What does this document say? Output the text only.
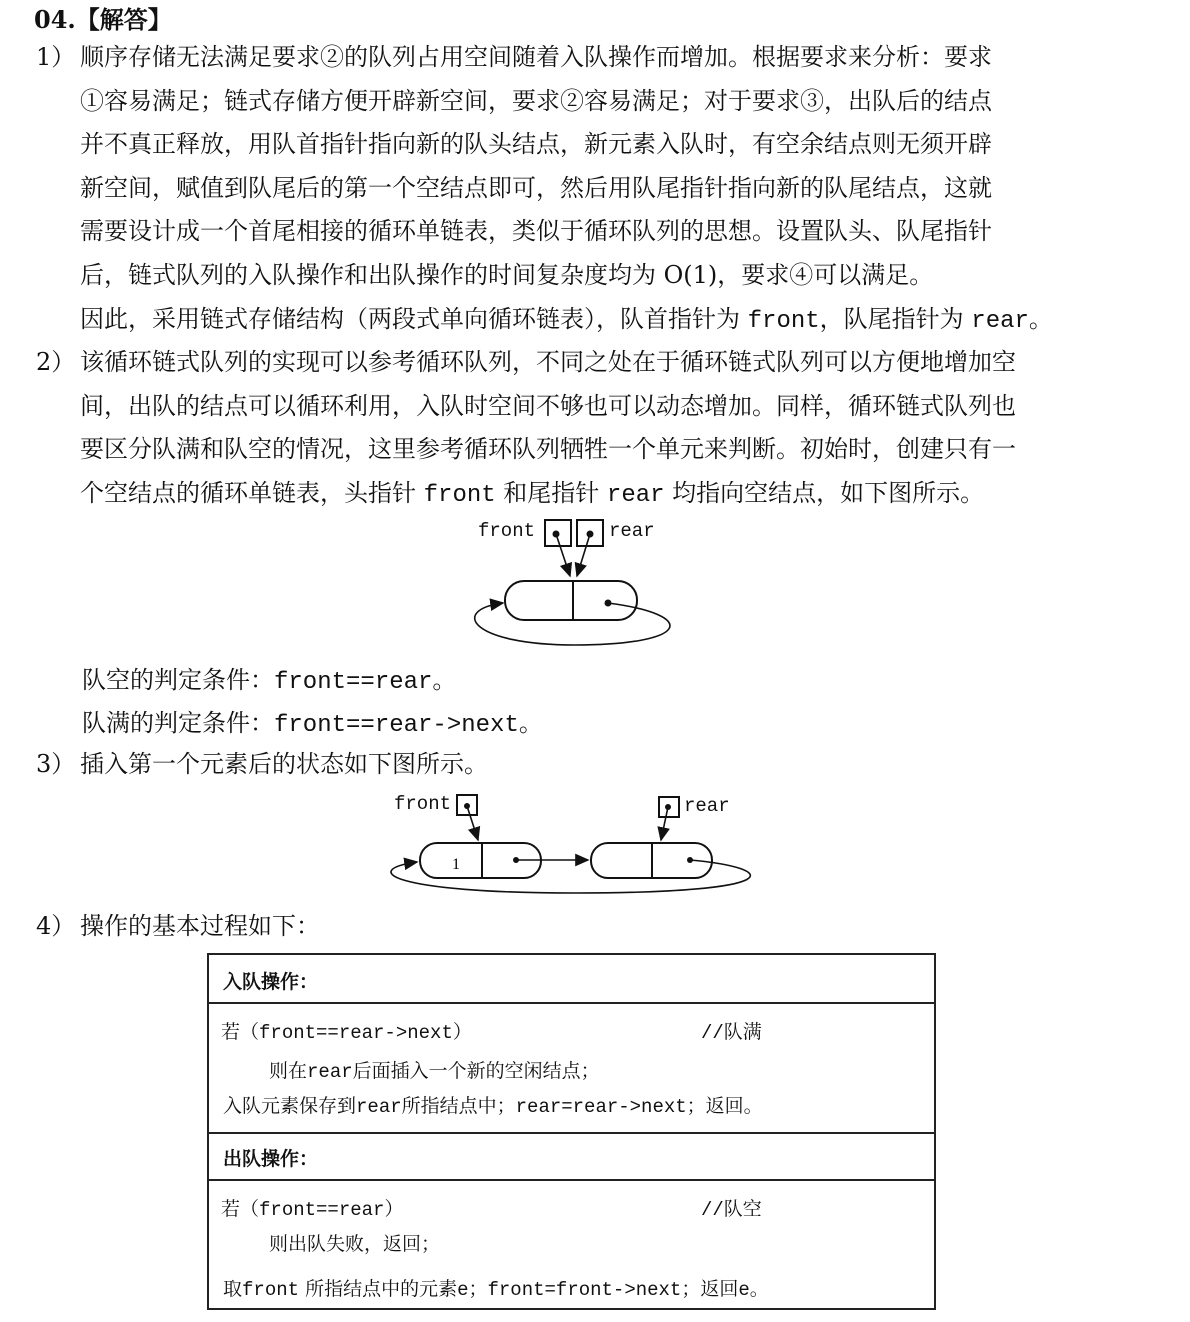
04.【解答】
1） 顺序存储无法满足要求②的队列占用空间随着入队操作而增加。根据要求来分析：要求
①容易满足；链式存储方便开辟新空间，要求②容易满足；对于要求③，出队后的结点
并不真正释放，用队首指针指向新的队头结点，新元素入队时，有空余结点则无须开辟
新空间，赋值到队尾后的第一个空结点即可，然后用队尾指针指向新的队尾结点，这就
需要设计成一个首尾相接的循环单链表，类似于循环队列的思想。设置队头、队尾指针
后，链式队列的入队操作和出队操作的时间复杂度均为 O(1)，要求④可以满足。
因此，采用链式存储结构（两段式单向循环链表），队首指针为 front，队尾指针为 rear。
2） 该循环链式队列的实现可以参考循环队列，不同之处在于循环链式队列可以方便地增加空
间，出队的结点可以循环利用，入队时空间不够也可以动态增加。同样，循环链式队列也
要区分队满和队空的情况，这里参考循环队列牺牲一个单元来判断。初始时，创建只有一
个空结点的循环单链表，头指针 front 和尾指针 rear 均指向空结点，如下图所示。
front	rear
front	rear
1
队空的判定条件：front==rear。
队满的判定条件：front==rear->next。
3） 插入第一个元素后的状态如下图所示。
4） 操作的基本过程如下：
入队操作：
若（front==rear->next）	//队满
则在rear后面插入一个新的空闲结点；
入队元素保存到rear所指结点中；rear=rear->next；返回。
出队操作：
若（front==rear）	//队空
则出队失败，返回；
取front 所指结点中的元素e；front=front->next；返回e。
